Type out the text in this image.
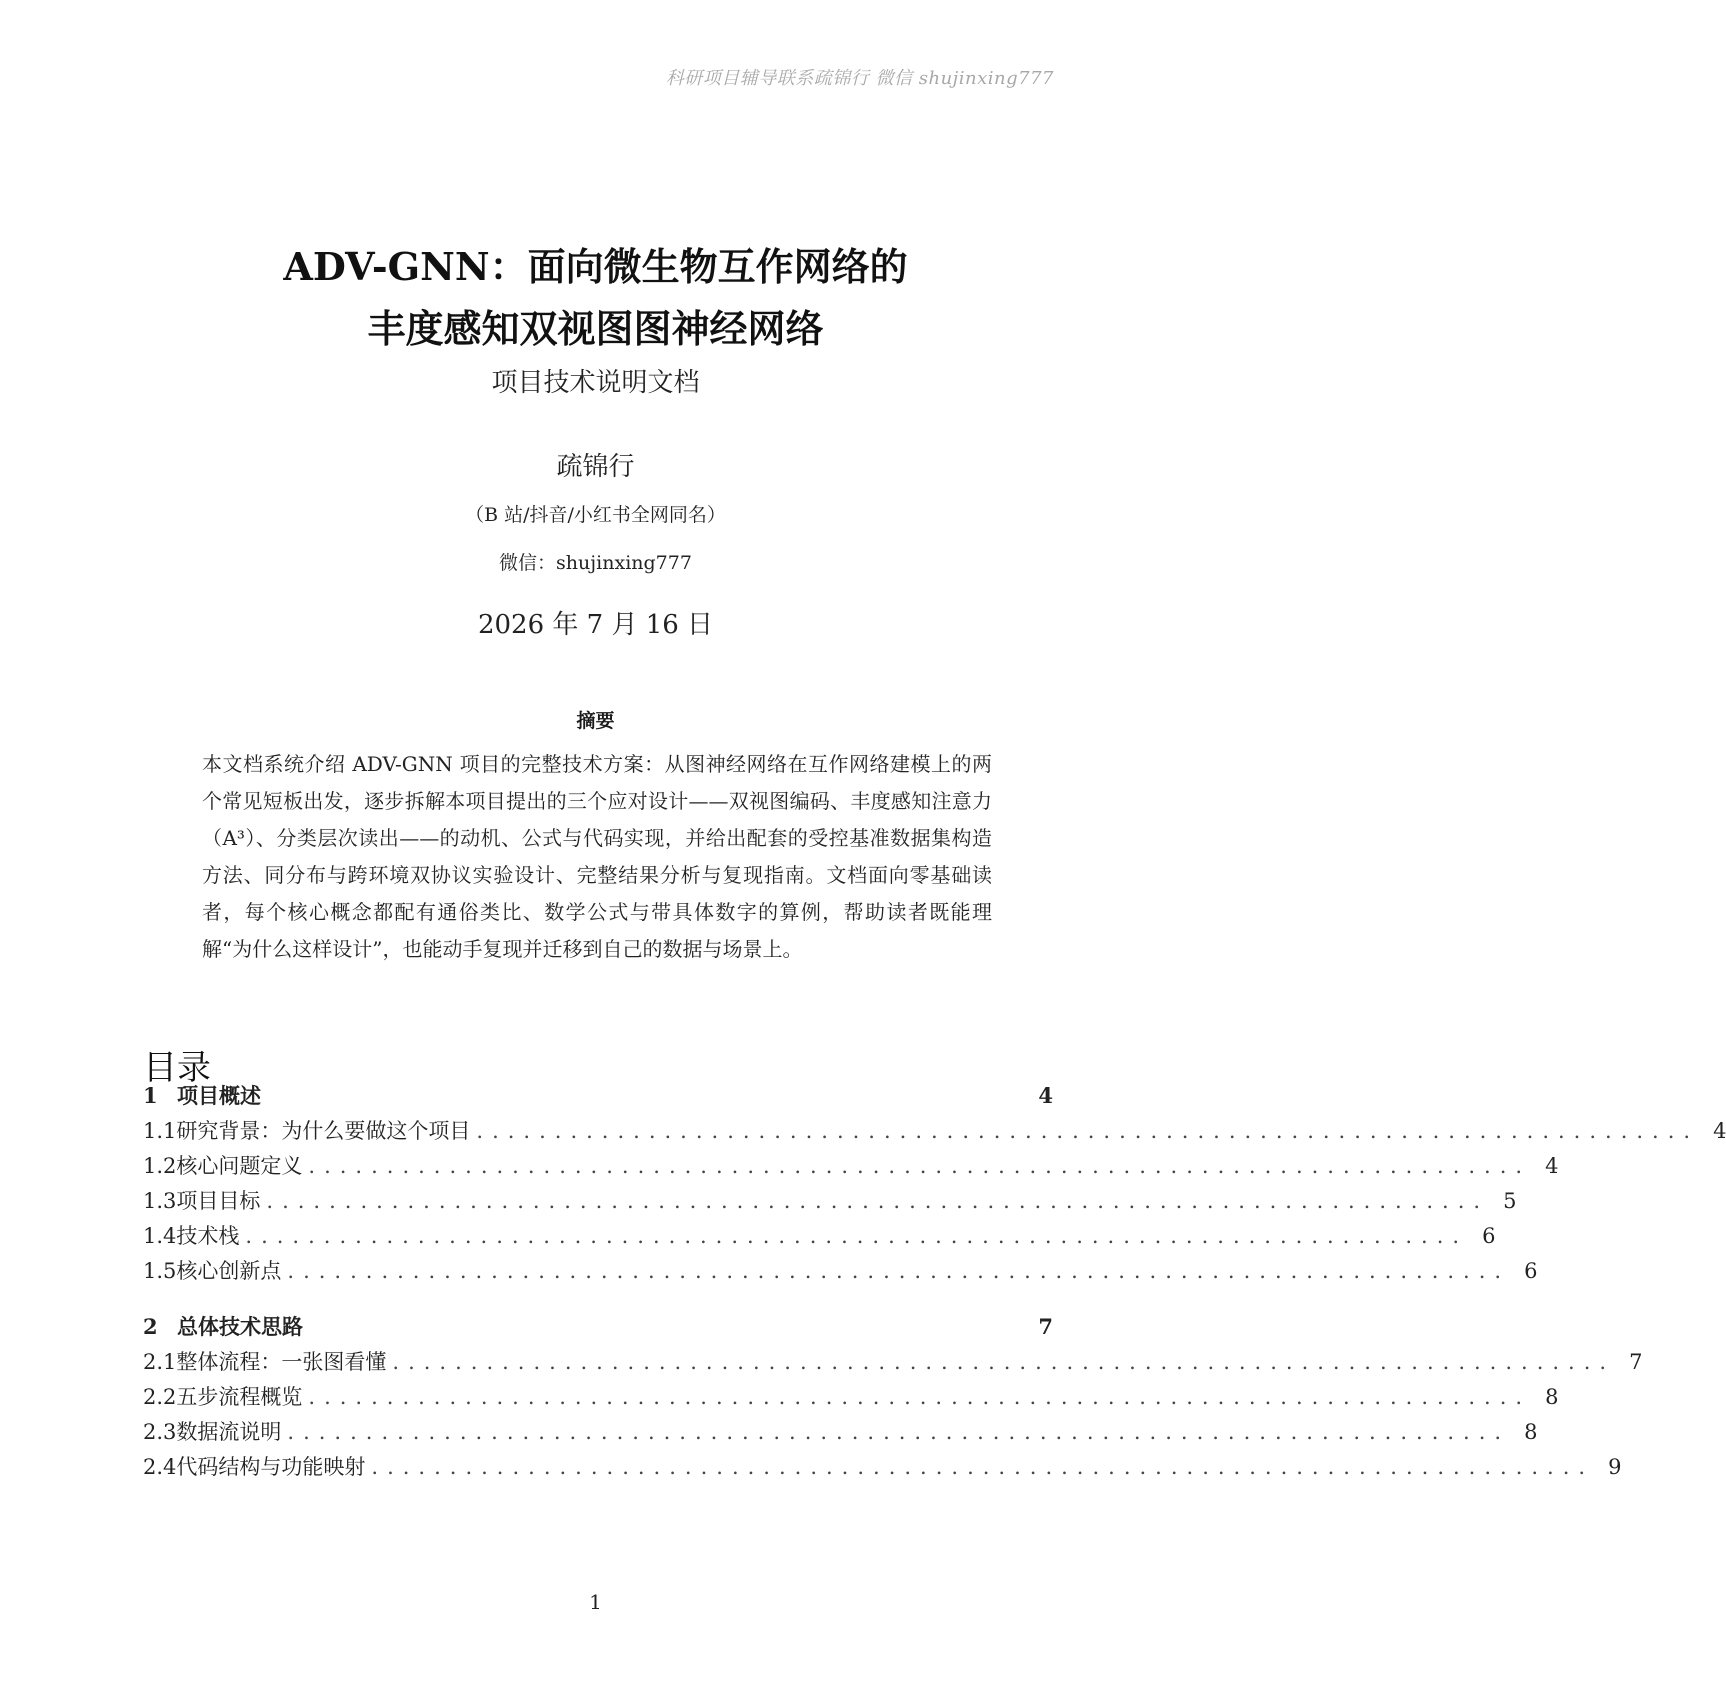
科研项目辅导联系疏锦行 微信 shujinxing777
ADV-GNN：面向微生物互作网络的
丰度感知双视图图神经网络
项目技术说明文档
疏锦行
（B 站/抖音/小红书全网同名）
微信：shujinxing777
2026 年 7 月 16 日
摘要
本文档系统介绍 ADV-GNN 项目的完整技术方案：从图神经网络在互作网络建模上的两个常见短板出发，逐步拆解本项目提出的三个应对设计——双视图编码、丰度感知注意力（A³）、分类层次读出——的动机、公式与代码实现，并给出配套的受控基准数据集构造方法、同分布与跨环境双协议实验设计、完整结果分析与复现指南。文档面向零基础读者，每个核心概念都配有通俗类比、数学公式与带具体数字的算例，帮助读者既能理解“为什么这样设计”，也能动手复现并迁移到自己的数据与场景上。
目录
1 项目概述	4
1.1 研究背景：为什么要做这个项目 .............................................................................. 4
1.2 核心问题定义 .............................................................................. 4
1.3 项目目标 .............................................................................. 5
1.4 技术栈 .............................................................................. 6
1.5 核心创新点 .............................................................................. 6
2 总体技术思路	7
2.1 整体流程：一张图看懂 .............................................................................. 7
2.2 五步流程概览 .............................................................................. 8
2.3 数据流说明 .............................................................................. 8
2.4 代码结构与功能映射 .............................................................................. 9
1
